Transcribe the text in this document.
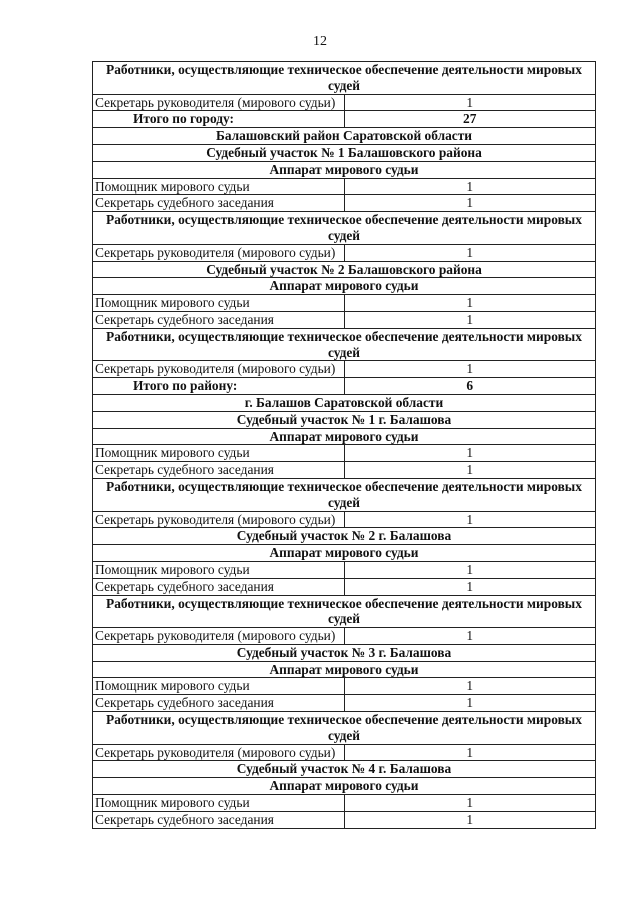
12
Работники, осуществляющие техническое обеспечение деятельности мировых судей	
Секретарь руководителя (мирового судьи)	1
Итого по городу:	27
Балашовский район Саратовской области	
Судебный участок № 1 Балашовского района	
Аппарат мирового судьи	
Помощник мирового судьи	1
Секретарь судебного заседания	1
Работники, осуществляющие техническое обеспечение деятельности мировых судей	
Секретарь руководителя (мирового судьи)	1
Судебный участок № 2 Балашовского района	
Аппарат мирового судьи	
Помощник мирового судьи	1
Секретарь судебного заседания	1
Работники, осуществляющие техническое обеспечение деятельности мировых судей	
Секретарь руководителя (мирового судьи)	1
Итого по району:	6
г. Балашов Саратовской области	
Судебный участок № 1 г. Балашова	
Аппарат мирового судьи	
Помощник мирового судьи	1
Секретарь судебного заседания	1
Работники, осуществляющие техническое обеспечение деятельности мировых судей	
Секретарь руководителя (мирового судьи)	1
Судебный участок № 2 г. Балашова	
Аппарат мирового судьи	
Помощник мирового судьи	1
Секретарь судебного заседания	1
Работники, осуществляющие техническое обеспечение деятельности мировых судей	
Секретарь руководителя (мирового судьи)	1
Судебный участок № 3 г. Балашова	
Аппарат мирового судьи	
Помощник мирового судьи	1
Секретарь судебного заседания	1
Работники, осуществляющие техническое обеспечение деятельности мировых судей	
Секретарь руководителя (мирового судьи)	1
Судебный участок № 4 г. Балашова	
Аппарат мирового судьи	
Помощник мирового судьи	1
Секретарь судебного заседания	1
